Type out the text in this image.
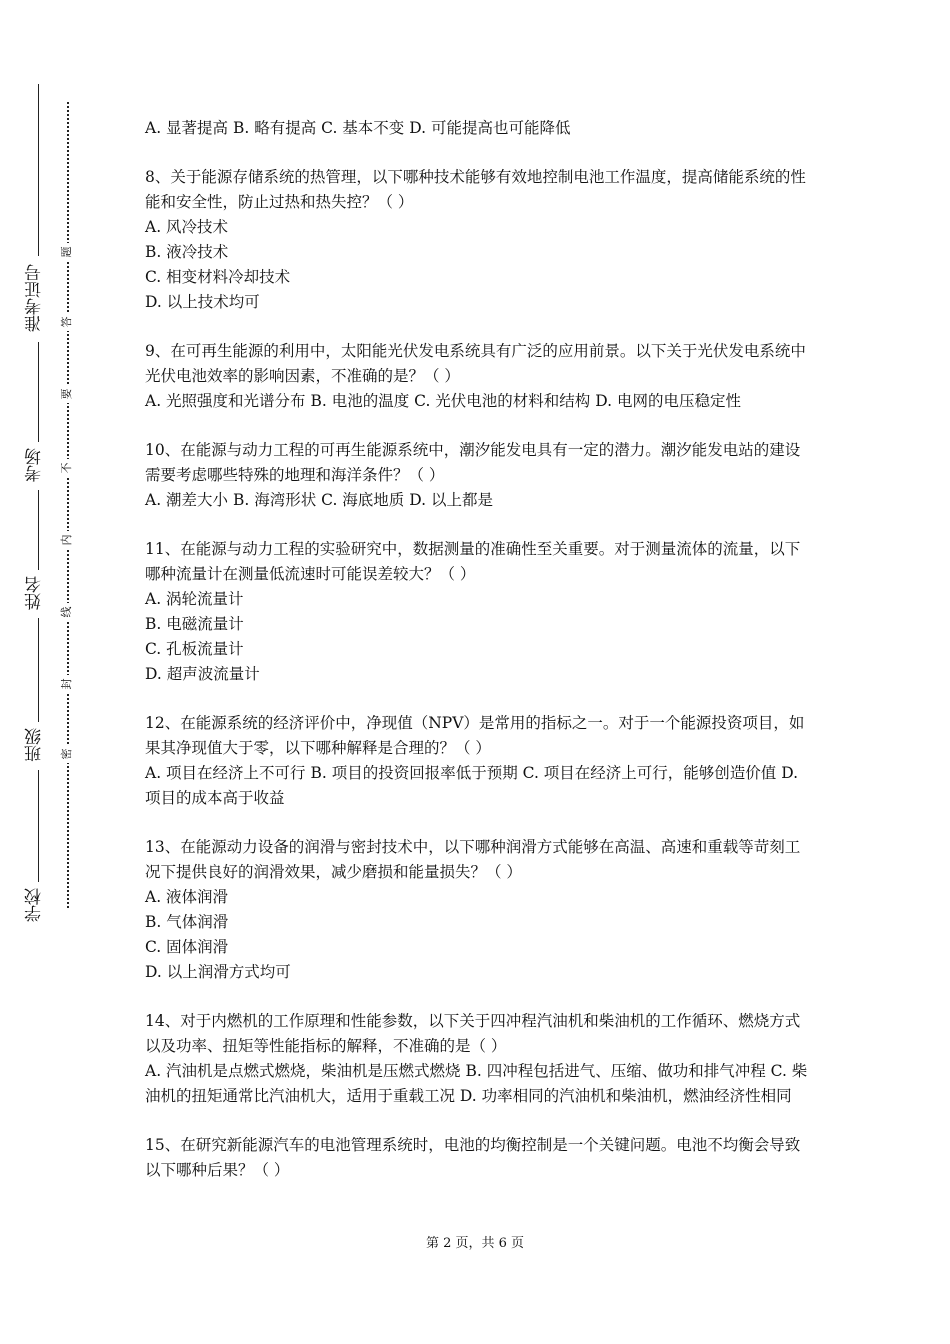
准考证号
考场
姓名
班级
学校
题
答
要
不
内
线
封
密

A. 显著提高 B. 略有提高 C. 基本不变 D. 可能提高也可能降低

8、关于能源存储系统的热管理，以下哪种技术能够有效地控制电池工作温度，提高储能系统的性能和安全性，防止过热和热失控？（ ）

A. 风冷技术

B. 液冷技术

C. 相变材料冷却技术

D. 以上技术均可

9、在可再生能源的利用中，太阳能光伏发电系统具有广泛的应用前景。以下关于光伏发电系统中光伏电池效率的影响因素，不准确的是？（ ）

A. 光照强度和光谱分布 B. 电池的温度 C. 光伏电池的材料和结构 D. 电网的电压稳定性

10、在能源与动力工程的可再生能源系统中，潮汐能发电具有一定的潜力。潮汐能发电站的建设需要考虑哪些特殊的地理和海洋条件？（ ）

A. 潮差大小 B. 海湾形状 C. 海底地质 D. 以上都是

11、在能源与动力工程的实验研究中，数据测量的准确性至关重要。对于测量流体的流量，以下哪种流量计在测量低流速时可能误差较大？（ ）

A. 涡轮流量计

B. 电磁流量计

C. 孔板流量计

D. 超声波流量计

12、在能源系统的经济评价中，净现值（NPV）是常用的指标之一。对于一个能源投资项目，如果其净现值大于零，以下哪种解释是合理的？（ ）

A. 项目在经济上不可行 B. 项目的投资回报率低于预期 C. 项目在经济上可行，能够创造价值 D. 项目的成本高于收益

13、在能源动力设备的润滑与密封技术中，以下哪种润滑方式能够在高温、高速和重载等苛刻工况下提供良好的润滑效果，减少磨损和能量损失？（ ）

A. 液体润滑

B. 气体润滑

C. 固体润滑

D. 以上润滑方式均可

14、对于内燃机的工作原理和性能参数，以下关于四冲程汽油机和柴油机的工作循环、燃烧方式以及功率、扭矩等性能指标的解释，不准确的是（ ）

A. 汽油机是点燃式燃烧，柴油机是压燃式燃烧 B. 四冲程包括进气、压缩、做功和排气冲程 C. 柴油机的扭矩通常比汽油机大，适用于重载工况 D. 功率相同的汽油机和柴油机，燃油经济性相同

15、在研究新能源汽车的电池管理系统时，电池的均衡控制是一个关键问题。电池不均衡会导致以下哪种后果？（ ）

第 2 页，共 6 页
